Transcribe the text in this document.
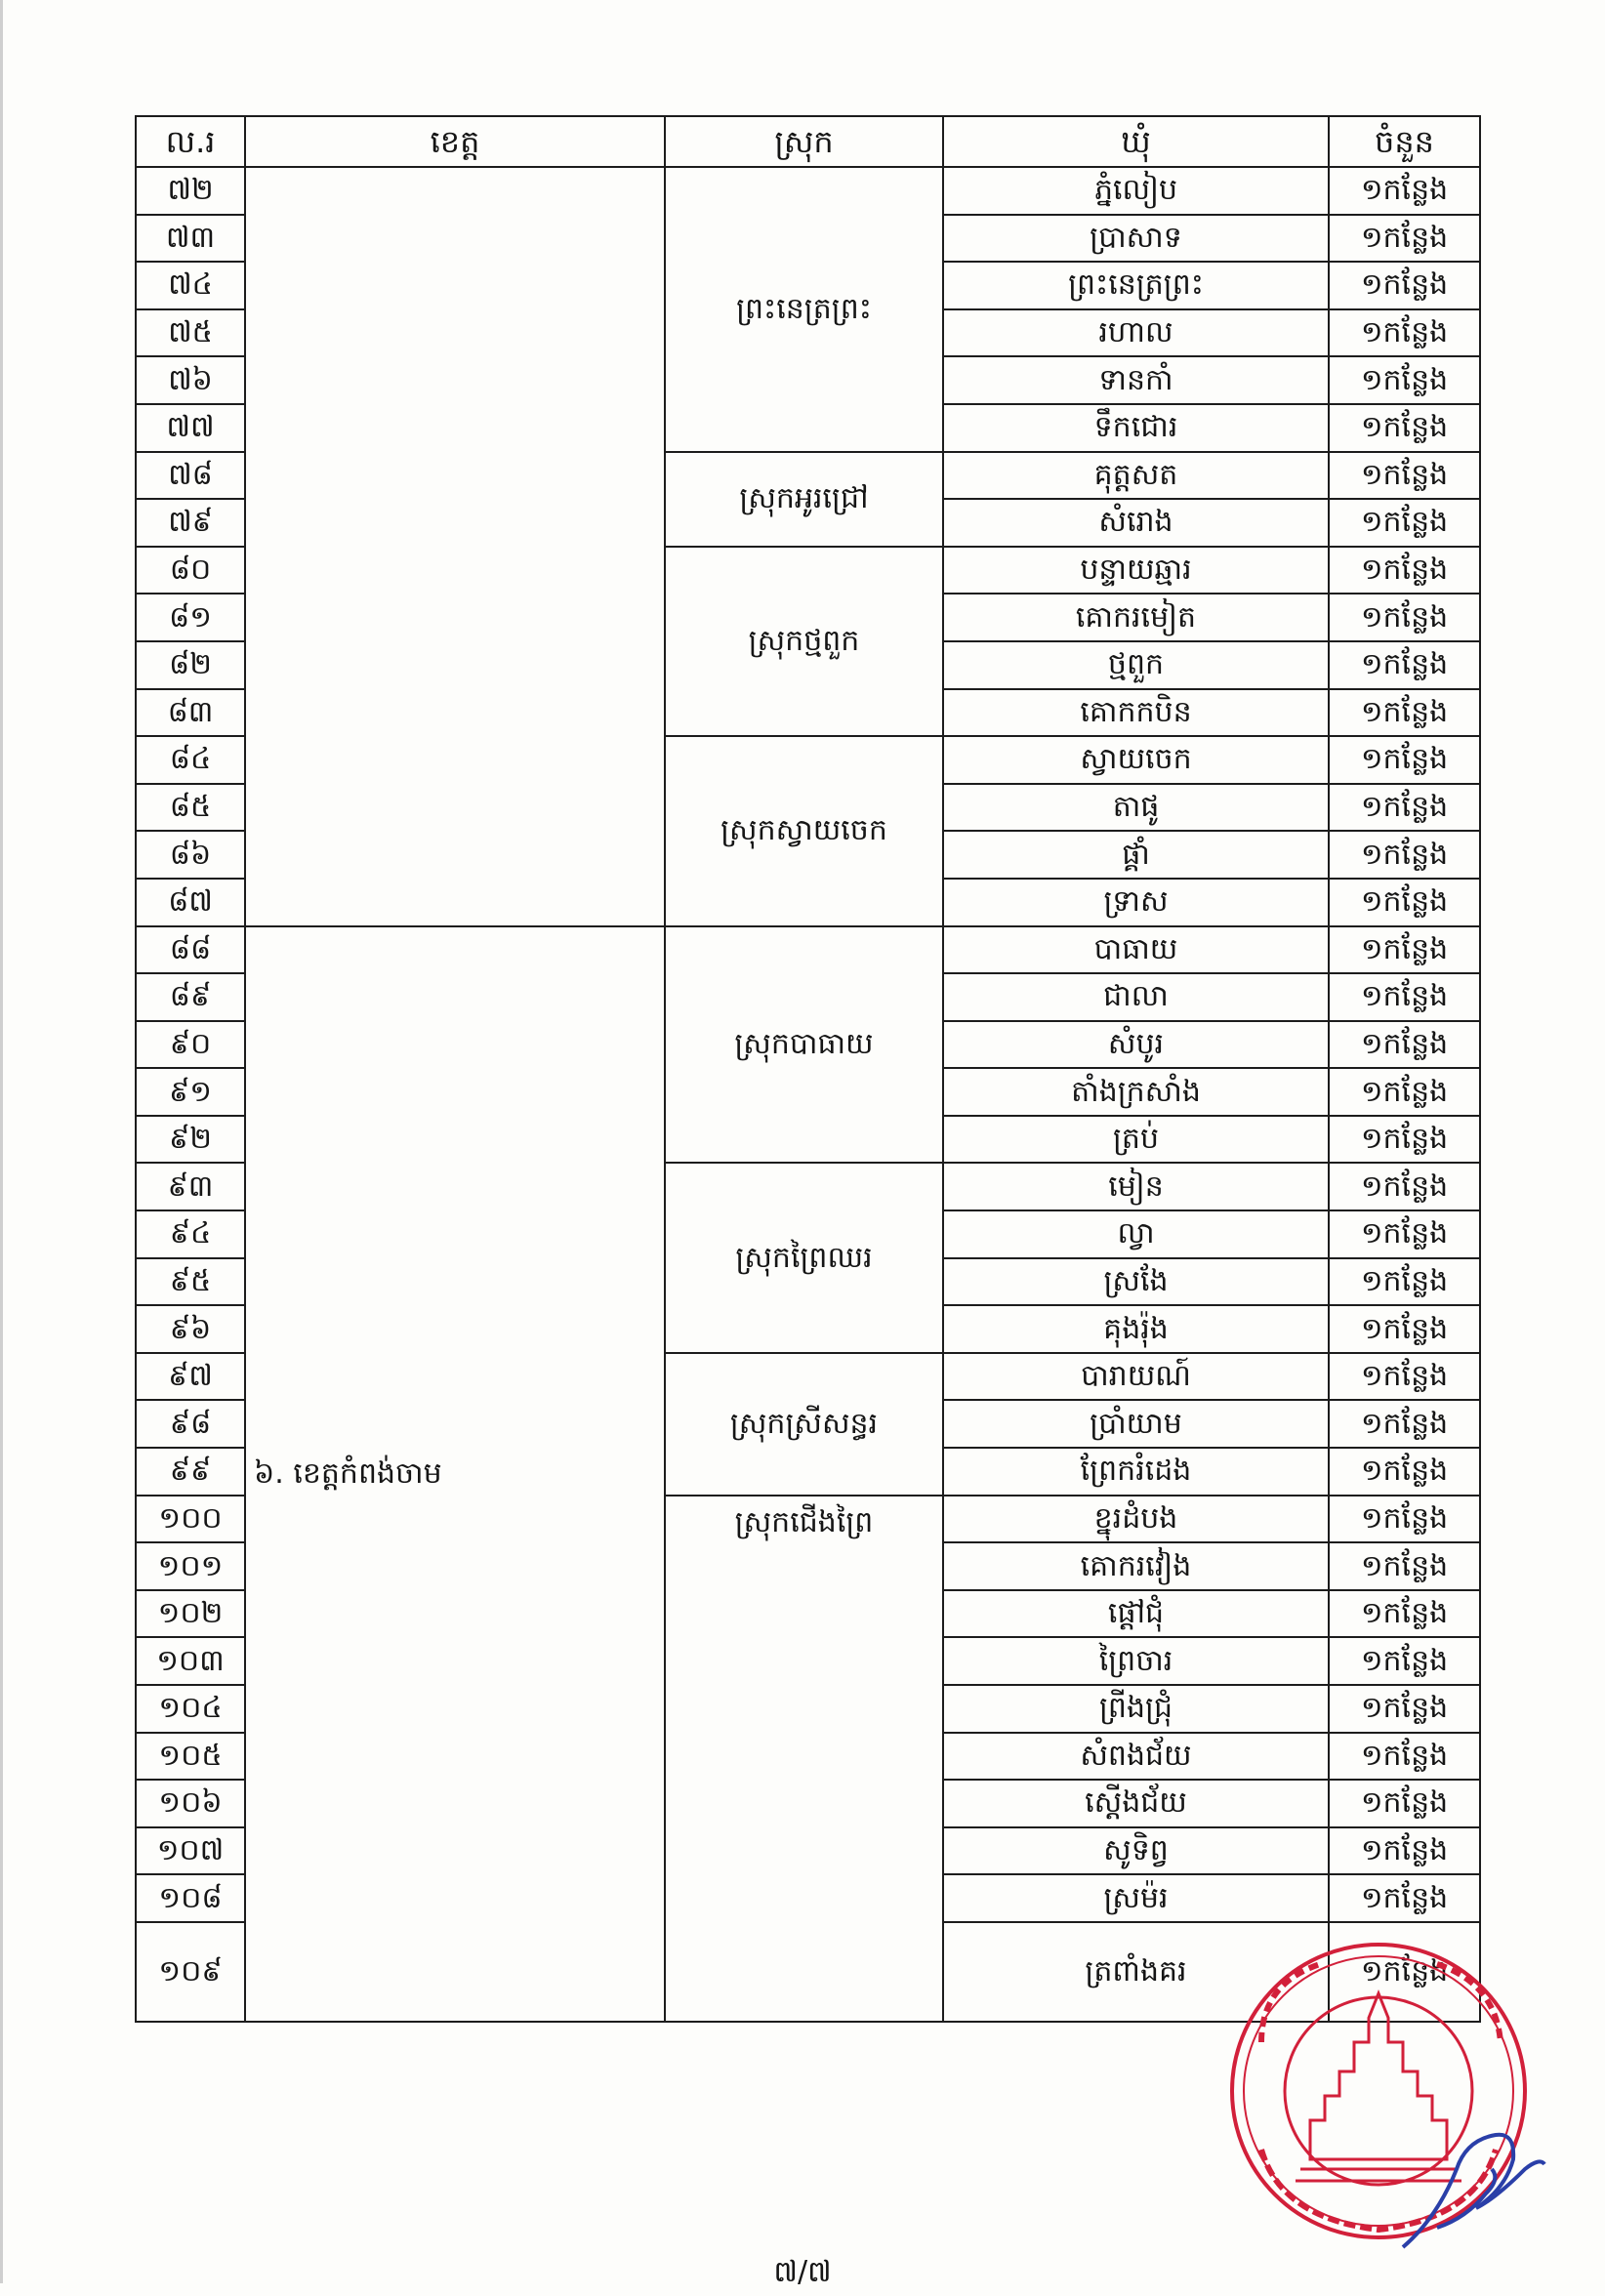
ល.រ	ខេត្ត	ស្រុក	ឃុំ	ចំនួន
៧២		ព្រះនេត្រព្រះ	ភ្នំលៀប	១កន្លែង
៧៣			ប្រាសាទ	១កន្លែង
៧៤			ព្រះនេត្រព្រះ	១កន្លែង
៧៥			រហាល	១កន្លែង
៧៦			ទានកាំ	១កន្លែង
៧៧			ទឹកជោរ	១កន្លែង
៧៨		ស្រុកអូរជ្រៅ	គុត្តសត	១កន្លែង
៧៩			សំរោង	១កន្លែង
៨០		ស្រុកថ្មពួក	បន្ទាយឆ្មារ	១កន្លែង
៨១			គោករមៀត	១កន្លែង
៨២			ថ្មពួក	១កន្លែង
៨៣			គោកកបិន	១កន្លែង
៨៤		ស្រុកស្វាយចេក	ស្វាយចេក	១កន្លែង
៨៥			តាផូ	១កន្លែង
៨៦			ផ្គាំ	១កន្លែង
៨៧			ទ្រាស	១កន្លែង
៨៨	៦. ខេត្តកំពង់ចាម	ស្រុកបាធាយ	បាធាយ	១កន្លែង
៨៩			ជាលា	១កន្លែង
៩០			សំបូរ	១កន្លែង
៩១			តាំងក្រសាំង	១កន្លែង
៩២			ត្រប់	១កន្លែង
៩៣		ស្រុកព្រៃឈរ	មៀន	១កន្លែង
៩៤			ល្វា	១កន្លែង
៩៥			ស្រងែ	១កន្លែង
៩៦			គុងរ៉ុង	១កន្លែង
៩៧		ស្រុកស្រីសន្ធរ	បារាយណ៍	១កន្លែង
៩៨			ប្រាំយាម	១កន្លែង
៩៩			ព្រែករំដេង	១កន្លែង
១០០		ស្រុកជើងព្រៃ	ខ្នុរដំបង	១កន្លែង
១០១			គោករវៀង	១កន្លែង
១០២			ផ្ដៅជុំ	១កន្លែង
១០៣			ព្រៃចារ	១កន្លែង
១០៤			ព្រីងជ្រុំ	១កន្លែង
១០៥			សំពងជ័យ	១កន្លែង
១០៦			ស្ដើងជ័យ	១កន្លែង
១០៧			សូទិព្វ	១កន្លែង
១០៨			ស្រម៉រ	១កន្លែង
១០៩			ត្រពាំងគរ	១កន្លែង
៧/៧
